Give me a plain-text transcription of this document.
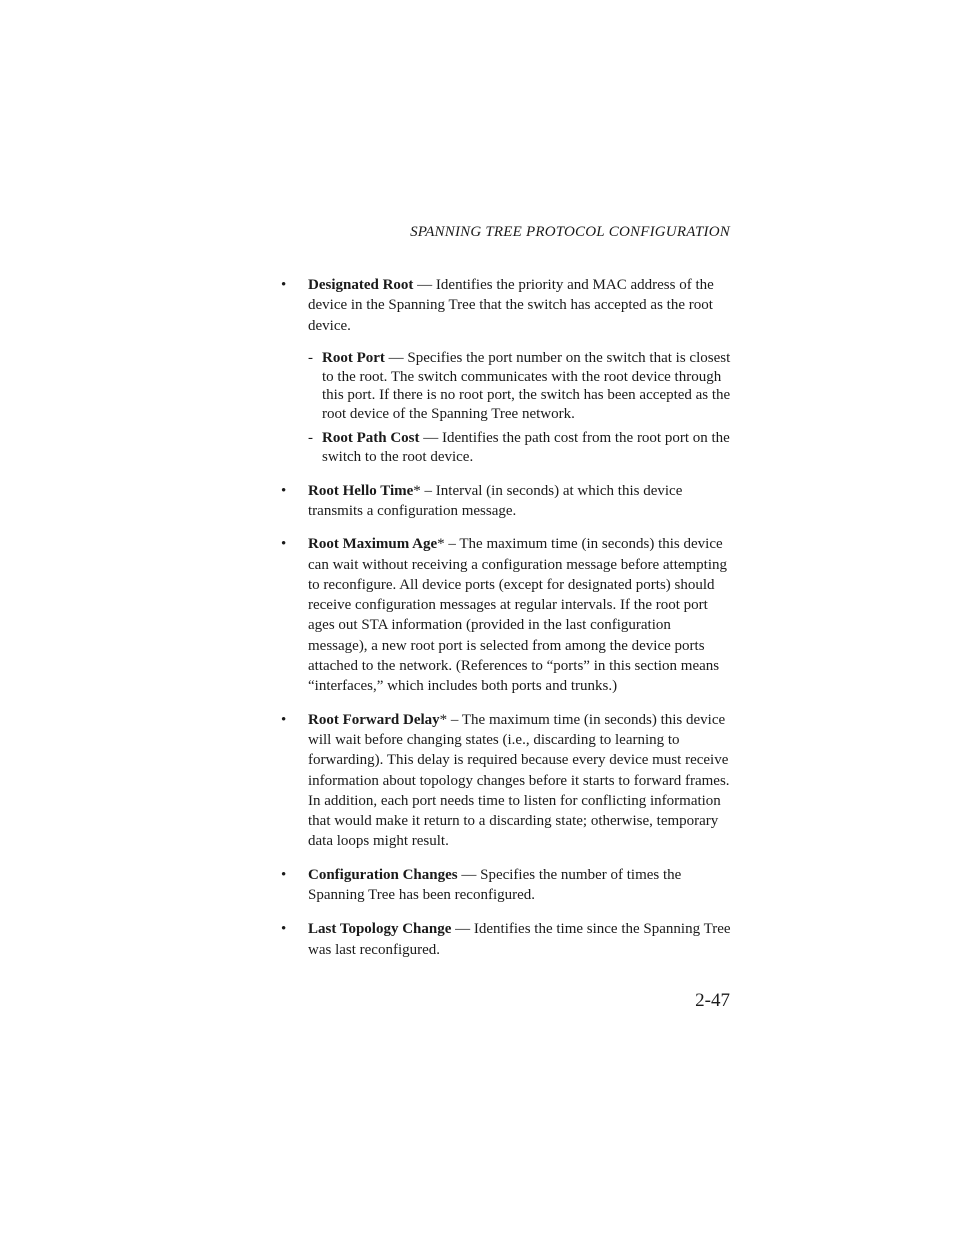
SPANNING TREE PROTOCOL CONFIGURATION
•	Designated Root — Identifies the priority and MAC address of the device in the Spanning Tree that the switch has accepted as the root device.

- Root Port — Specifies the port number on the switch that is closest to the root. The switch communicates with the root device through this port. If there is no root port, the switch has been accepted as the root device of the Spanning Tree network.
- Root Path Cost — Identifies the path cost from the root port on the switch to the root device.
•	Root Hello Time* – Interval (in seconds) at which this device transmits a configuration message.

•	Root Maximum Age* – The maximum time (in seconds) this device can wait without receiving a configuration message before attempting to reconfigure. All device ports (except for designated ports) should receive configuration messages at regular intervals. If the root port ages out STA information (provided in the last configuration message), a new root port is selected from among the device ports attached to the network. (References to “ports” in this section means “interfaces,” which includes both ports and trunks.)

•	Root Forward Delay* – The maximum time (in seconds) this device will wait before changing states (i.e., discarding to learning to forwarding). This delay is required because every device must receive information about topology changes before it starts to forward frames. In addition, each port needs time to listen for conflicting information that would make it return to a discarding state; otherwise, temporary data loops might result.

•	Configuration Changes — Specifies the number of times the Spanning Tree has been reconfigured.

•	Last Topology Change — Identifies the time since the Spanning Tree was last reconfigured.

2-47
